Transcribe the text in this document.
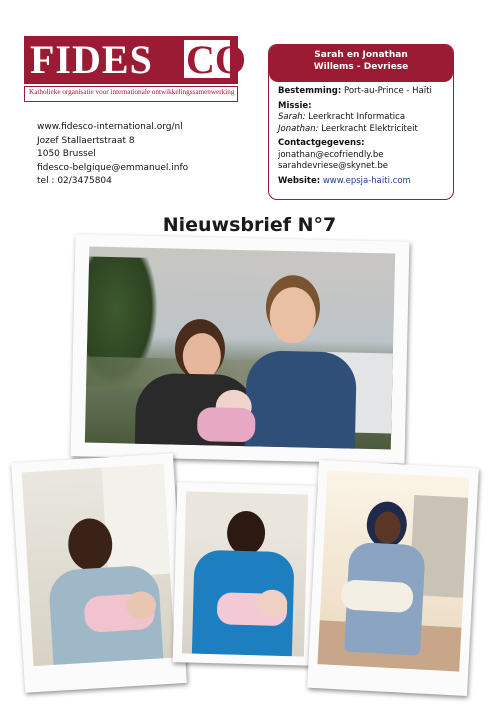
FIDES CO
Katholieke organisatie voor internationale ontwikkelingssamenwerking
www.fidesco-international.org/nl
Jozef Stallaertstraat 8
1050 Brussel
fidesco-belgique@emmanuel.info
tel : 02/3475804
Sarah en Jonathan
Willems - Devriese
Bestemming: Port-au-Prince - Haïti
Missie:
Sarah: Leerkracht Informatica
Jonathan: Leerkracht Elektriciteit
Contactgegevens:
jonathan@ecofriendly.be
sarahdevriese@skynet.be
Website: www.epsja-haiti.com
Nieuwsbrief N°7
